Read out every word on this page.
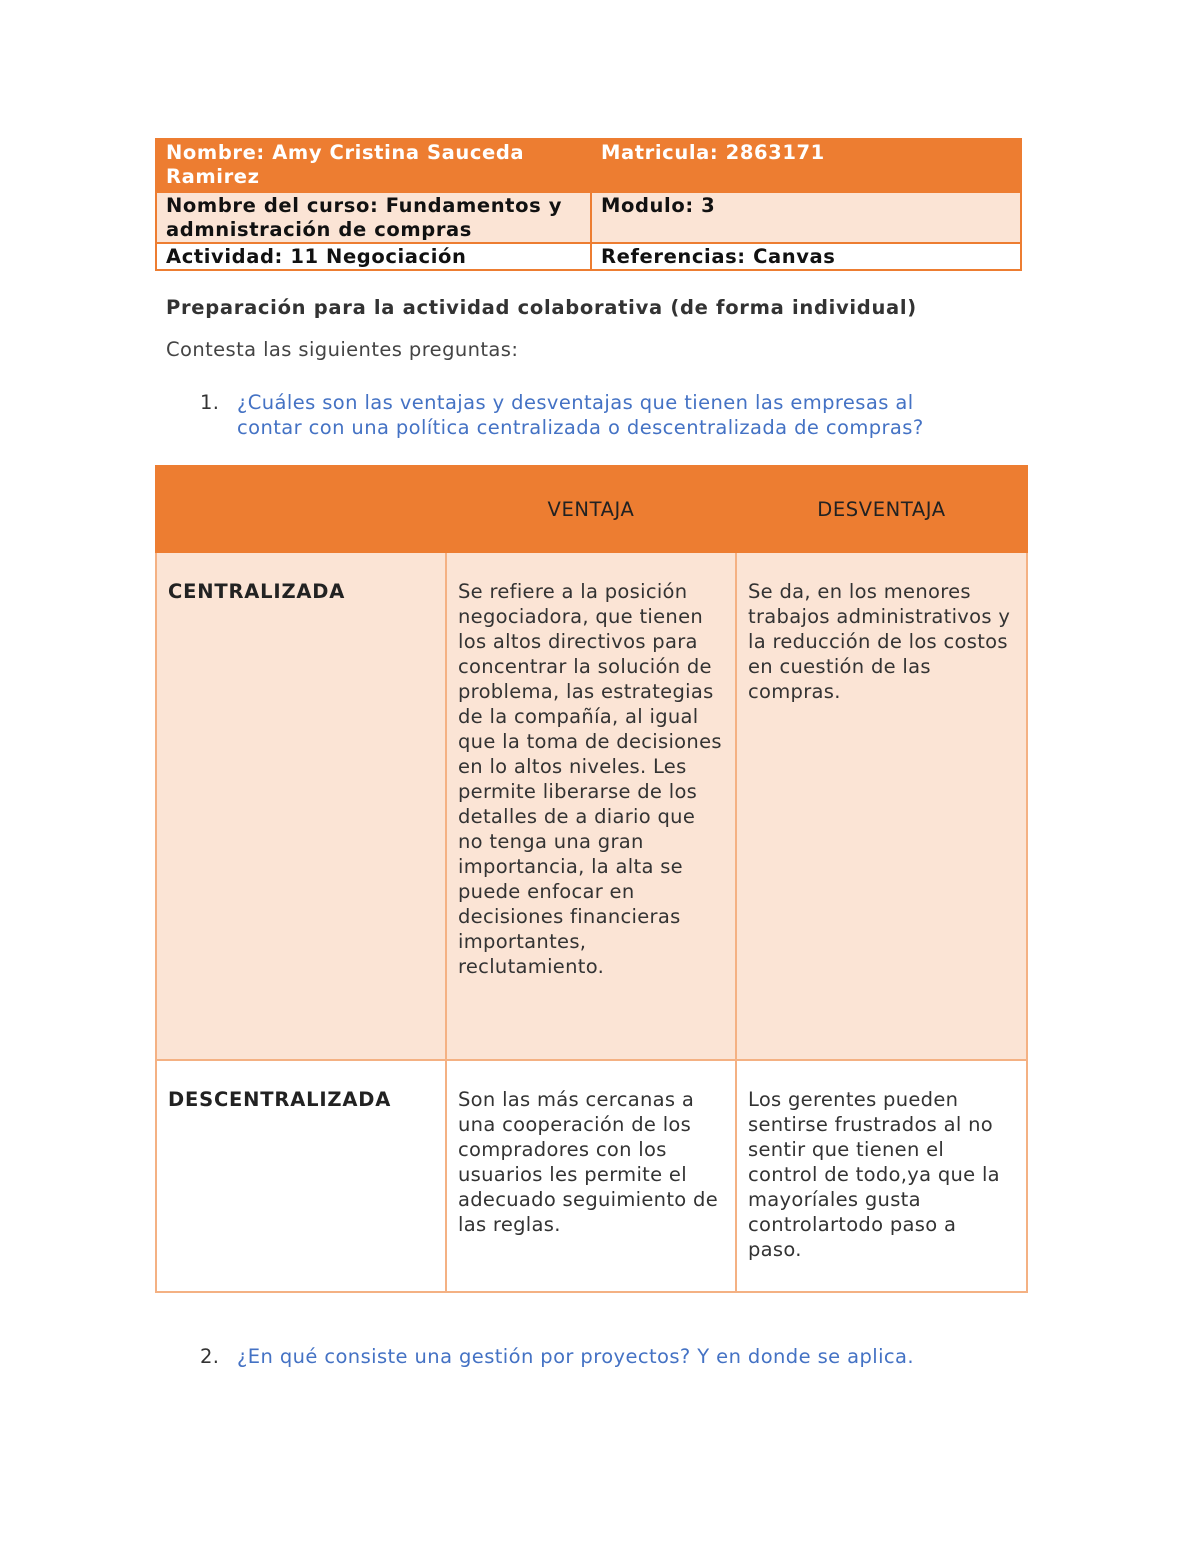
Nombre: Amy Cristina Sauceda Ramirez	Matricula: 2863171
Nombre del curso: Fundamentos y admnistración de compras	Modulo: 3
Actividad: 11 Negociación	Referencias: Canvas

Preparación para la actividad colaborativa (de forma individual)

Contesta las siguientes preguntas:

1. ¿Cuáles son las ventajas y desventajas que tienen las empresas al contar con una política centralizada o descentralizada de compras?
	VENTAJA	DESVENTAJA
CENTRALIZADA	Se refiere a la posición negociadora, que tienen los altos directivos para concentrar la solución de problema, las estrategias de la compañía, al igual que la toma de decisiones en lo altos niveles. Les permite liberarse de los detalles de a diario que no tenga una gran importancia, la alta se puede enfocar en decisiones financieras importantes, reclutamiento.	Se da, en los menores trabajos administrativos y la reducción de los costos en cuestión de las compras.
DESCENTRALIZADA	Son las más cercanas a una cooperación de los compradores con los usuarios les permite el adecuado seguimiento de las reglas.	Los gerentes pueden sentirse frustrados al no sentir que tienen el control de todo,ya que la mayoríales gusta controlartodo paso a paso.
2. ¿En qué consiste una gestión por proyectos? Y en donde se aplica.
